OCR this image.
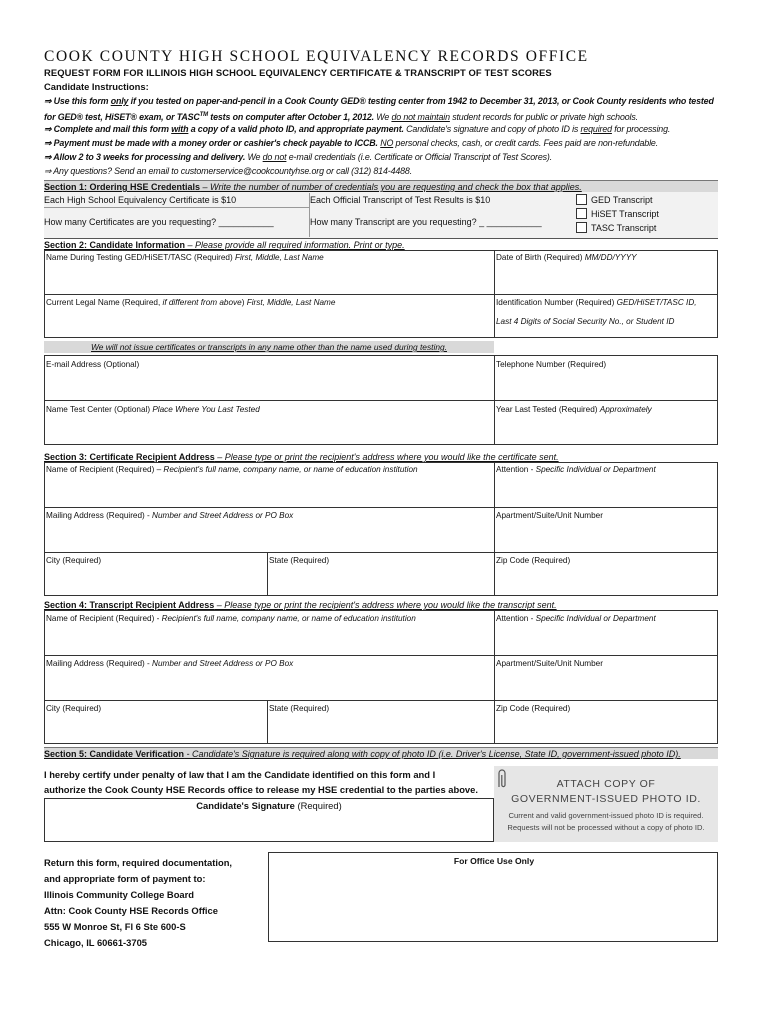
COOK COUNTY HIGH SCHOOL EQUIVALENCY RECORDS OFFICE
REQUEST FORM FOR ILLINOIS HIGH SCHOOL EQUIVALENCY CERTIFICATE & TRANSCRIPT OF TEST SCORES
Candidate Instructions:
⇒ Use this form only if you tested on paper-and-pencil in a Cook County GED® testing center from 1942 to December 31, 2013, or Cook County residents who tested
for GED® test, HiSET® exam, or TASC™ tests on computer after October 1, 2012. We do not maintain student records for public or private high schools.
⇒ Complete and mail this form with a copy of a valid photo ID, and appropriate payment. Candidate's signature and copy of photo ID is required for processing.
⇒ Payment must be made with a money order or cashier's check payable to ICCB. NO personal checks, cash, or credit cards. Fees paid are non-refundable.
⇒ Allow 2 to 3 weeks for processing and delivery. We do not e-mail credentials (i.e. Certificate or Official Transcript of Test Scores).
⇒ Any questions? Send an email to customerservice@cookcountyhse.org or call (312) 814-4488.
Section 1: Ordering HSE Credentials – Write the number of number of credentials you are requesting and check the box that applies.
Each High School Equivalency Certificate is $10	Each Official Transcript of Test Results is $10
How many Certificates are you requesting? ___________	How many Transcript are you requesting? _ ___________
GED Transcript
HiSET Transcript
TASC Transcript
Section 2: Candidate Information – Please provide all required information. Print or type.
Name During Testing GED/HiSET/TASC (Required) First, Middle, Last Name	Date of Birth (Required) MM/DD/YYYY
Current Legal Name (Required, if different from above) First, Middle, Last Name	Identification Number (Required) GED/HiSET/TASC ID,
Last 4 Digits of Social Security No., or Student ID
We will not issue certificates or transcripts in any name other than the name used during testing.
E-mail Address (Optional)	Telephone Number (Required)
Name Test Center (Optional) Place Where You Last Tested	Year Last Tested (Required) Approximately
Section 3: Certificate Recipient Address – Please type or print the recipient's address where you would like the certificate sent.
Name of Recipient (Required) – Recipient's full name, company name, or name of education institution	Attention - Specific Individual or Department
Mailing Address (Required) - Number and Street Address or PO Box	Apartment/Suite/Unit Number
City (Required)	State (Required)	Zip Code (Required)
Section 4: Transcript Recipient Address – Please type or print the recipient's address where you would like the transcript sent.
Name of Recipient (Required) - Recipient's full name, company name, or name of education institution	Attention - Specific Individual or Department
Mailing Address (Required) - Number and Street Address or PO Box	Apartment/Suite/Unit Number
City (Required)	State (Required)	Zip Code (Required)
Section 5: Candidate Verification - Candidate's Signature is required along with copy of photo ID (i.e. Driver's License, State ID, government-issued photo ID).
I hereby certify under penalty of law that I am the Candidate identified on this form and I
authorize the Cook County HSE Records office to release my HSE credential to the parties above.
Candidate's Signature (Required)
ATTACH COPY OF
GOVERNMENT-ISSUED PHOTO ID.
Current and valid government-issued photo ID is required.
Requests will not be processed without a copy of photo ID.
Return this form, required documentation,
and appropriate form of payment to:
Illinois Community College Board
Attn: Cook County HSE Records Office
555 W Monroe St, Fl 6 Ste 600-S
Chicago, IL 60661-3705
For Office Use Only
